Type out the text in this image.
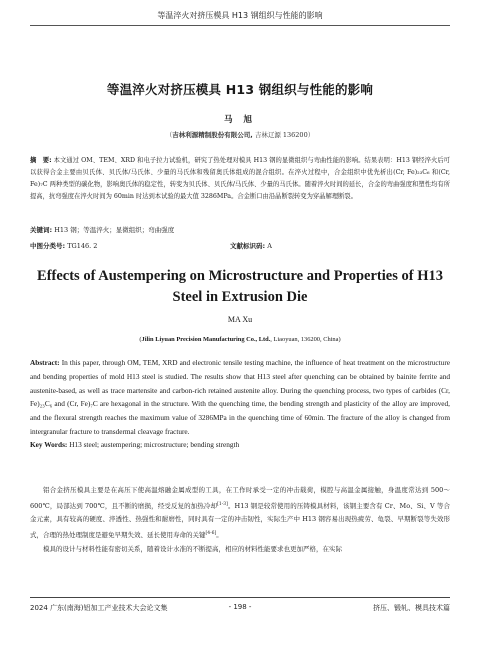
等温淬火对挤压模具 H13 钢组织与性能的影响
等温淬火对挤压模具 H13 钢组织与性能的影响
马 旭
（吉林利源精制股份有限公司, 吉林辽源 136200）
摘　要: 本文通过 OM、TEM、XRD 和电子拉力试验机，研究了热处理对模具 H13 钢的显微组织与弯曲性能的影响。结果表明：H13 钢经淬火后可以获得合金主要由贝氏体、贝氏体/马氏体、少量的马氏体和残留奥氏体组成的混合组织。在淬火过程中，合金组织中优先析出(Cr, Fe)₂₃C₆ 和(Cr, Fe)₇C 两种类型的碳化物，影响奥氏体的稳定性，转变为贝氏体、贝氏体/马氏体、少量的马氏体。随着淬火时间的延长，合金的弯曲强度和塑性均有所提高，抗弯强度在淬火时间为 60min 时达到本试验的最大值 3286MPa。合金断口由沿晶断裂转变为穿晶解理断裂。
关键词: H13 钢；等温淬火；显微组织；弯曲强度
中图分类号: TG146. 2	文献标识码: A
Effects of Austempering on Microstructure and Properties of H13 Steel in Extrusion Die
MA Xu
(Jilin Liyuan Precision Manufacturing Co., Ltd., Liaoyuan, 136200, China)
Abstract: In this paper, through OM, TEM, XRD and electronic tensile testing machine, the influence of heat treatment on the microstructure and bending properties of mold H13 steel is studied. The results show that H13 steel after quenching can be obtained by bainite ferrite and austenite-based, as well as trace martensite and carbon-rich retained austenite alloy. During the quenching process, two types of carbides (Cr, Fe)₂₃C₆ and (Cr, Fe)₇C are hexagonal in the structure. With the quenching time, the bending strength and plasticity of the alloy are improved, and the flexural strength reaches the maximum value of 3286MPa in the quenching time of 60min. The fracture of the alloy is changed from intergranular fracture to transdermal cleavage fracture.
Key Words: H13 steel; austempering; microstructure; bending strength

铝合金挤压模具主要是在高压下使高温熔融金属成型的工具，在工作时承受一定的冲击载荷，模腔与高温金属接触，身温度常达到 500～600℃，局部达到 700℃，且不断的磨损，经受反复的加热冷却[1-3]。H13 钢是较常使用的压铸模具材料，该钢主要含有 Cr、Mo、Si、V 等合金元素，具有较高的硬度、淬透性、热强性和耐磨性，同时具有一定的冲击韧性，实际生产中 H13 钢容易出现热疲劳、龟裂、早期断裂等失效形式，合理的热处理制度是避免早期失效、延长使用寿命的关键[4-6]。

模具的设计与材料性能有密切关系，随着设计水准的不断提高，相应的材料性能要求也更加严格，在实际

2024 广东(南海)铝加工产业技术大会论文集	- 198 -	挤压、锻轧、模具技术篇
